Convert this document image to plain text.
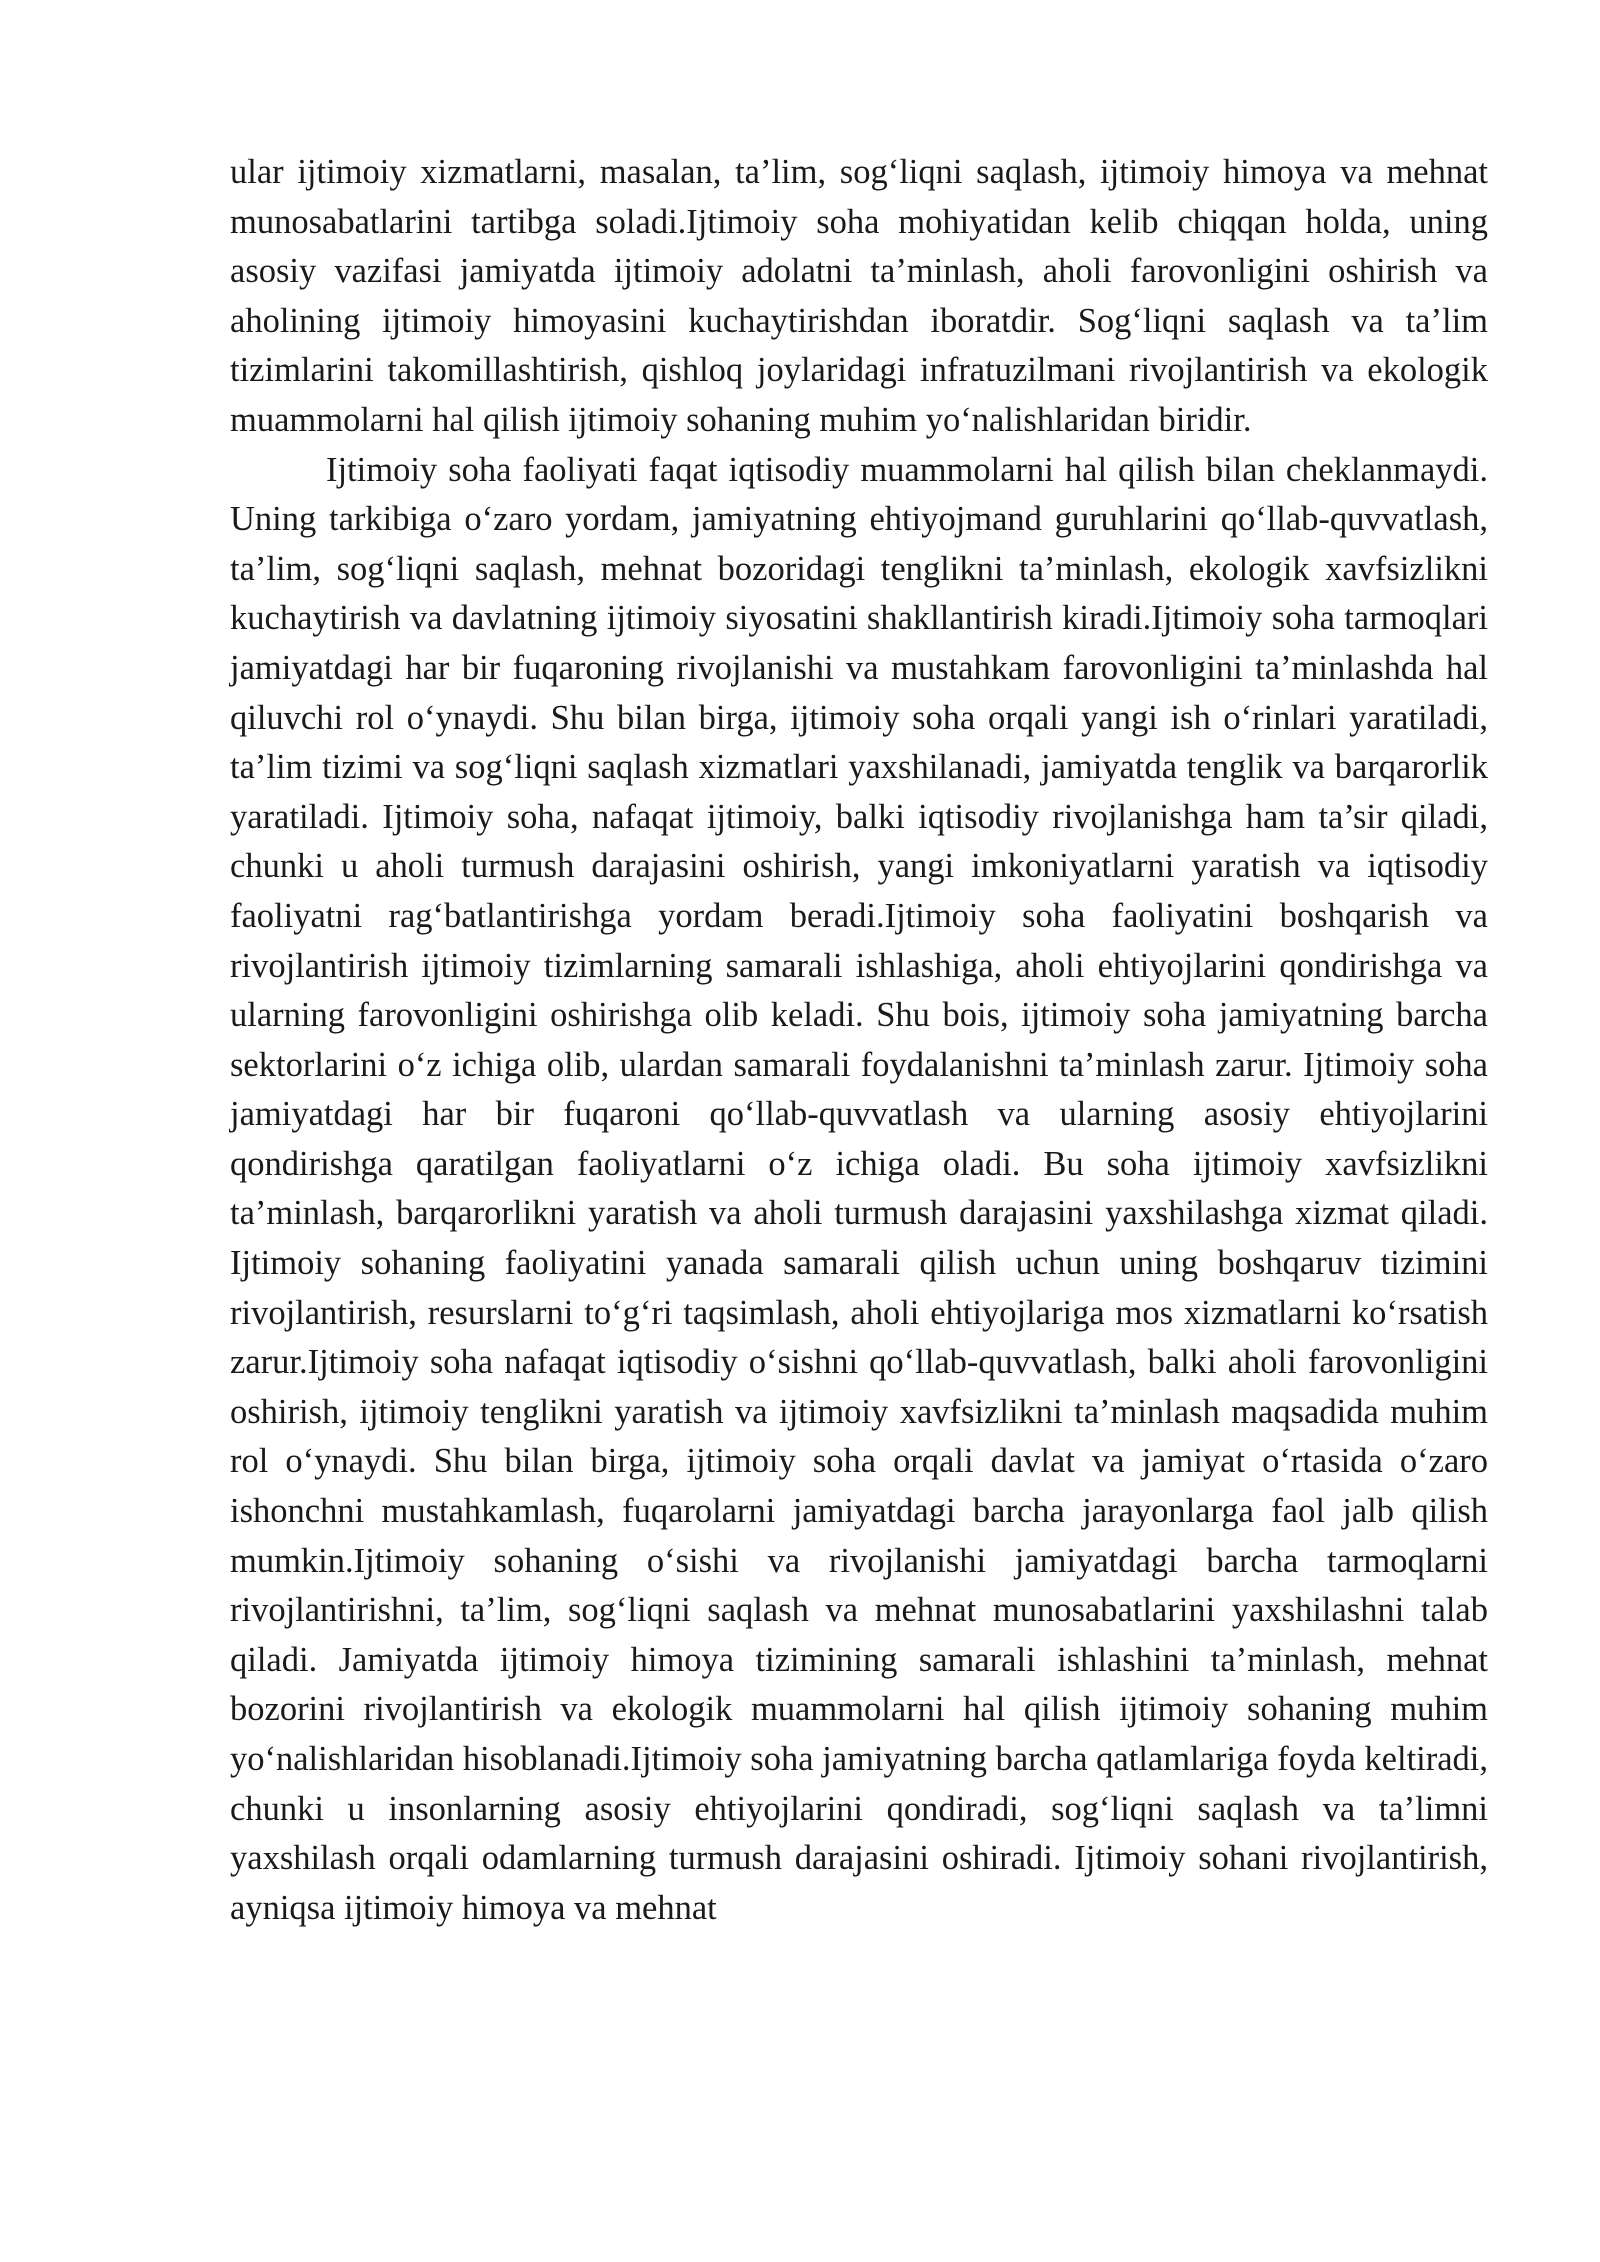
ular ijtimoiy xizmatlarni, masalan, ta’lim, sog‘liqni saqlash, ijtimoiy himoya va mehnat munosabatlarini tartibga soladi.Ijtimoiy soha mohiyatidan kelib chiqqan holda, uning asosiy vazifasi jamiyatda ijtimoiy adolatni ta’minlash, aholi farovonligini oshirish va aholining ijtimoiy himoyasini kuchaytirishdan iboratdir. Sog‘liqni saqlash va ta’lim tizimlarini takomillashtirish, qishloq joylaridagi infratuzilmani rivojlantirish va ekologik muammolarni hal qilish ijtimoiy sohaning muhim yo‘nalishlaridan biridir.

Ijtimoiy soha faoliyati faqat iqtisodiy muammolarni hal qilish bilan cheklanmaydi. Uning tarkibiga o‘zaro yordam, jamiyatning ehtiyojmand guruhlarini qo‘llab-quvvatlash, ta’lim, sog‘liqni saqlash, mehnat bozoridagi tenglikni ta’minlash, ekologik xavfsizlikni kuchaytirish va davlatning ijtimoiy siyosatini shakllantirish kiradi.Ijtimoiy soha tarmoqlari jamiyatdagi har bir fuqaroning rivojlanishi va mustahkam farovonligini ta’minlashda hal qiluvchi rol o‘ynaydi. Shu bilan birga, ijtimoiy soha orqali yangi ish o‘rinlari yaratiladi, ta’lim tizimi va sog‘liqni saqlash xizmatlari yaxshilanadi, jamiyatda tenglik va barqarorlik yaratiladi. Ijtimoiy soha, nafaqat ijtimoiy, balki iqtisodiy rivojlanishga ham ta’sir qiladi, chunki u aholi turmush darajasini oshirish, yangi imkoniyatlarni yaratish va iqtisodiy faoliyatni rag‘batlantirishga yordam beradi.Ijtimoiy soha faoliyatini boshqarish va rivojlantirish ijtimoiy tizimlarning samarali ishlashiga, aholi ehtiyojlarini qondirishga va ularning farovonligini oshirishga olib keladi. Shu bois, ijtimoiy soha jamiyatning barcha sektorlarini o‘z ichiga olib, ulardan samarali foydalanishni ta’minlash zarur. Ijtimoiy soha jamiyatdagi har bir fuqaroni qo‘llab-quvvatlash va ularning asosiy ehtiyojlarini qondirishga qaratilgan faoliyatlarni o‘z ichiga oladi. Bu soha ijtimoiy xavfsizlikni ta’minlash, barqarorlikni yaratish va aholi turmush darajasini yaxshilashga xizmat qiladi. Ijtimoiy sohaning faoliyatini yanada samarali qilish uchun uning boshqaruv tizimini rivojlantirish, resurslarni to‘g‘ri taqsimlash, aholi ehtiyojlariga mos xizmatlarni ko‘rsatish zarur.Ijtimoiy soha nafaqat iqtisodiy o‘sishni qo‘llab-quvvatlash, balki aholi farovonligini oshirish, ijtimoiy tenglikni yaratish va ijtimoiy xavfsizlikni ta’minlash maqsadida muhim rol o‘ynaydi. Shu bilan birga, ijtimoiy soha orqali davlat va jamiyat o‘rtasida o‘zaro ishonchni mustahkamlash, fuqarolarni jamiyatdagi barcha jarayonlarga faol jalb qilish mumkin.Ijtimoiy sohaning o‘sishi va rivojlanishi jamiyatdagi barcha tarmoqlarni rivojlantirishni, ta’lim, sog‘liqni saqlash va mehnat munosabatlarini yaxshilashni talab qiladi. Jamiyatda ijtimoiy himoya tizimining samarali ishlashini ta’minlash, mehnat bozorini rivojlantirish va ekologik muammolarni hal qilish ijtimoiy sohaning muhim yo‘nalishlaridan hisoblanadi.Ijtimoiy soha jamiyatning barcha qatlamlariga foyda keltiradi, chunki u insonlarning asosiy ehtiyojlarini qondiradi, sog‘liqni saqlash va ta’limni yaxshilash orqali odamlarning turmush darajasini oshiradi. Ijtimoiy sohani rivojlantirish, ayniqsa ijtimoiy himoya va mehnat
